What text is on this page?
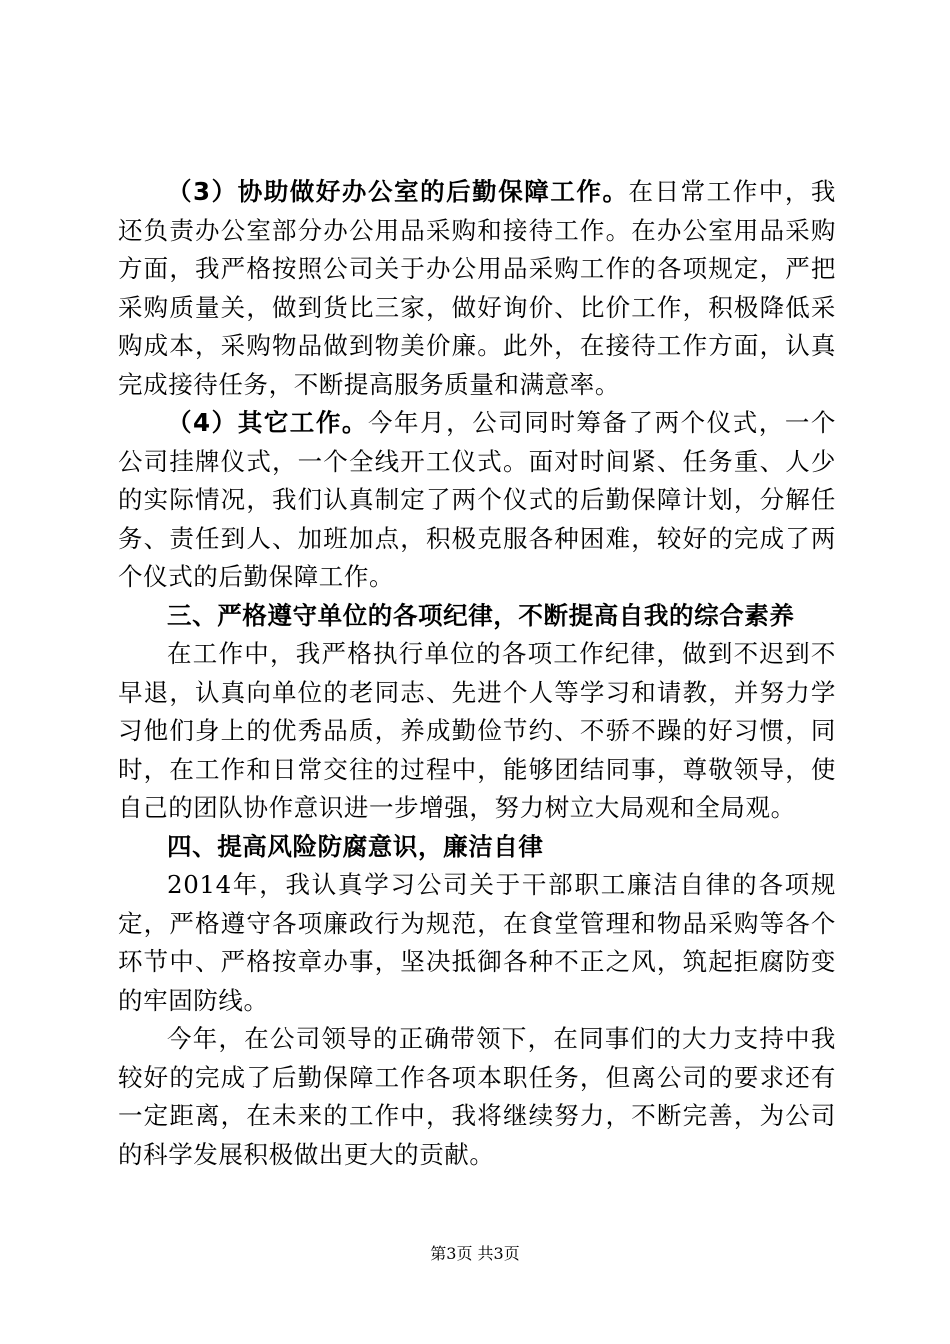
（3）协助做好办公室的后勤保障工作。在日常工作中，我还负责办公室部分办公用品采购和接待工作。在办公室用品采购方面，我严格按照公司关于办公用品采购工作的各项规定，严把采购质量关，做到货比三家，做好询价、比价工作，积极降低采购成本，采购物品做到物美价廉。此外，在接待工作方面，认真完成接待任务，不断提高服务质量和满意率。

（4）其它工作。今年月，公司同时筹备了两个仪式，一个公司挂牌仪式，一个全线开工仪式。面对时间紧、任务重、人少的实际情况，我们认真制定了两个仪式的后勤保障计划，分解任务、责任到人、加班加点，积极克服各种困难，较好的完成了两个仪式的后勤保障工作。

三、严格遵守单位的各项纪律，不断提高自我的综合素养

在工作中，我严格执行单位的各项工作纪律，做到不迟到不早退，认真向单位的老同志、先进个人等学习和请教，并努力学习他们身上的优秀品质，养成勤俭节约、不骄不躁的好习惯，同时，在工作和日常交往的过程中，能够团结同事，尊敬领导，使自己的团队协作意识进一步增强，努力树立大局观和全局观。

四、提高风险防腐意识，廉洁自律

2014年，我认真学习公司关于干部职工廉洁自律的各项规定，严格遵守各项廉政行为规范，在食堂管理和物品采购等各个环节中、严格按章办事，坚决抵御各种不正之风，筑起拒腐防变的牢固防线。

今年，在公司领导的正确带领下，在同事们的大力支持中我较好的完成了后勤保障工作各项本职任务，但离公司的要求还有一定距离，在未来的工作中，我将继续努力，不断完善，为公司的科学发展积极做出更大的贡献。

第3页 共3页
